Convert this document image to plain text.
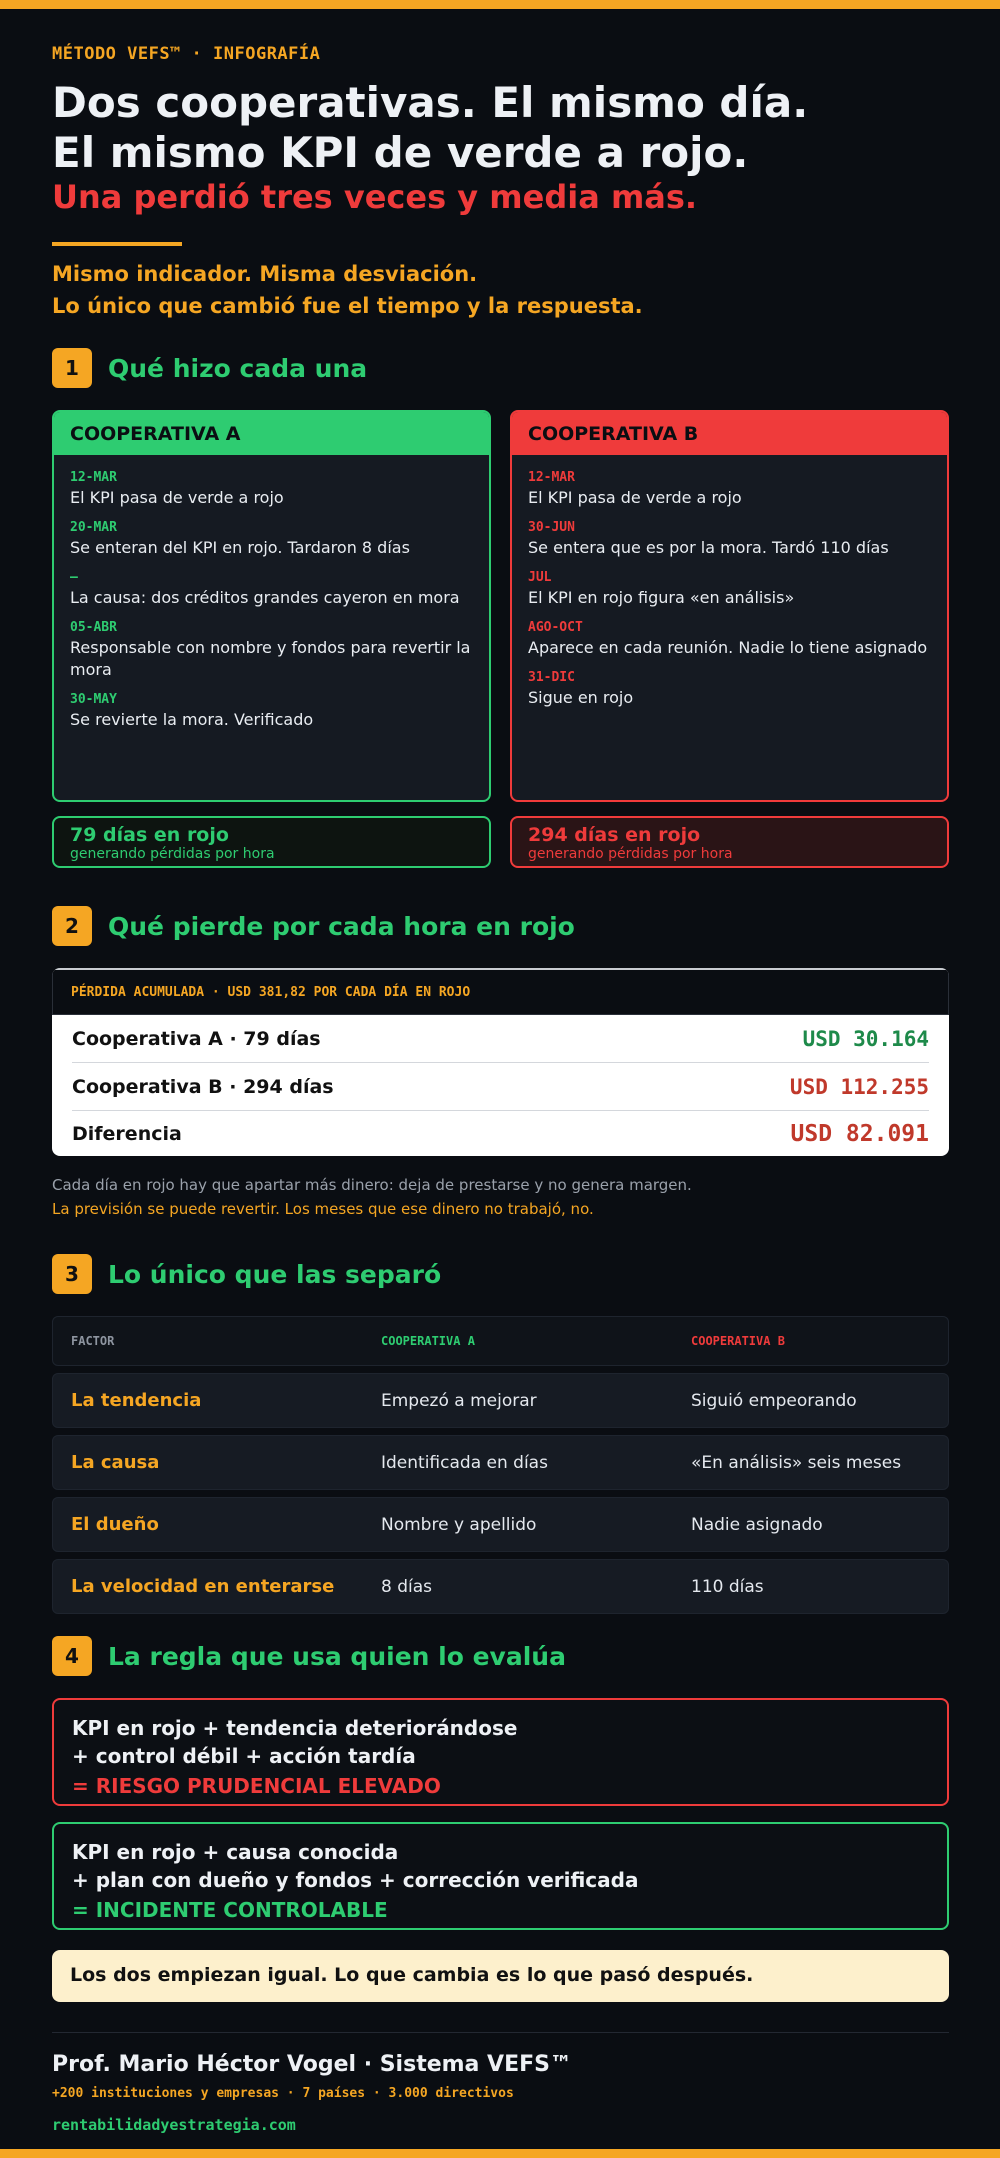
MÉTODO VEFS™ · INFOGRAFÍA
Dos cooperativas. El mismo día.
El mismo KPI de verde a rojo.
Una perdió tres veces y media más.
Mismo indicador. Misma desviación.
Lo único que cambió fue el tiempo y la respuesta.
1	Qué hizo cada una
COOPERATIVA A
12-MAR
El KPI pasa de verde a rojo
20-MAR
Se enteran del KPI en rojo. Tardaron 8 días
–
La causa: dos créditos grandes cayeron en mora
05-ABR
Responsable con nombre y fondos para revertir la mora
30-MAY
Se revierte la mora. Verificado
COOPERATIVA B
12-MAR
El KPI pasa de verde a rojo
30-JUN
Se entera que es por la mora. Tardó 110 días
JUL
El KPI en rojo figura «en análisis»
AGO-OCT
Aparece en cada reunión. Nadie lo tiene asignado
31-DIC
Sigue en rojo
79 días en rojo
generando pérdidas por hora
294 días en rojo
generando pérdidas por hora
2	Qué pierde por cada hora en rojo
PÉRDIDA ACUMULADA · USD 381,82 POR CADA DÍA EN ROJO
Cooperativa A · 79 días	USD 30.164
Cooperativa B · 294 días	USD 112.255
Diferencia	USD 82.091
Cada día en rojo hay que apartar más dinero: deja de prestarse y no genera margen.
La previsión se puede revertir. Los meses que ese dinero no trabajó, no.
3	Lo único que las separó
FACTOR	COOPERATIVA A	COOPERATIVA B
La tendencia	Empezó a mejorar	Siguió empeorando
La causa	Identificada en días	«En análisis» seis meses
El dueño	Nombre y apellido	Nadie asignado
La velocidad en enterarse	8 días	110 días
4	La regla que usa quien lo evalúa
KPI en rojo + tendencia deteriorándose
+ control débil + acción tardía
= RIESGO PRUDENCIAL ELEVADO
KPI en rojo + causa conocida
+ plan con dueño y fondos + corrección verificada
= INCIDENTE CONTROLABLE
Los dos empiezan igual. Lo que cambia es lo que pasó después.
Prof. Mario Héctor Vogel · Sistema VEFS™
+200 instituciones y empresas · 7 países · 3.000 directivos
rentabilidadyestrategia.com
